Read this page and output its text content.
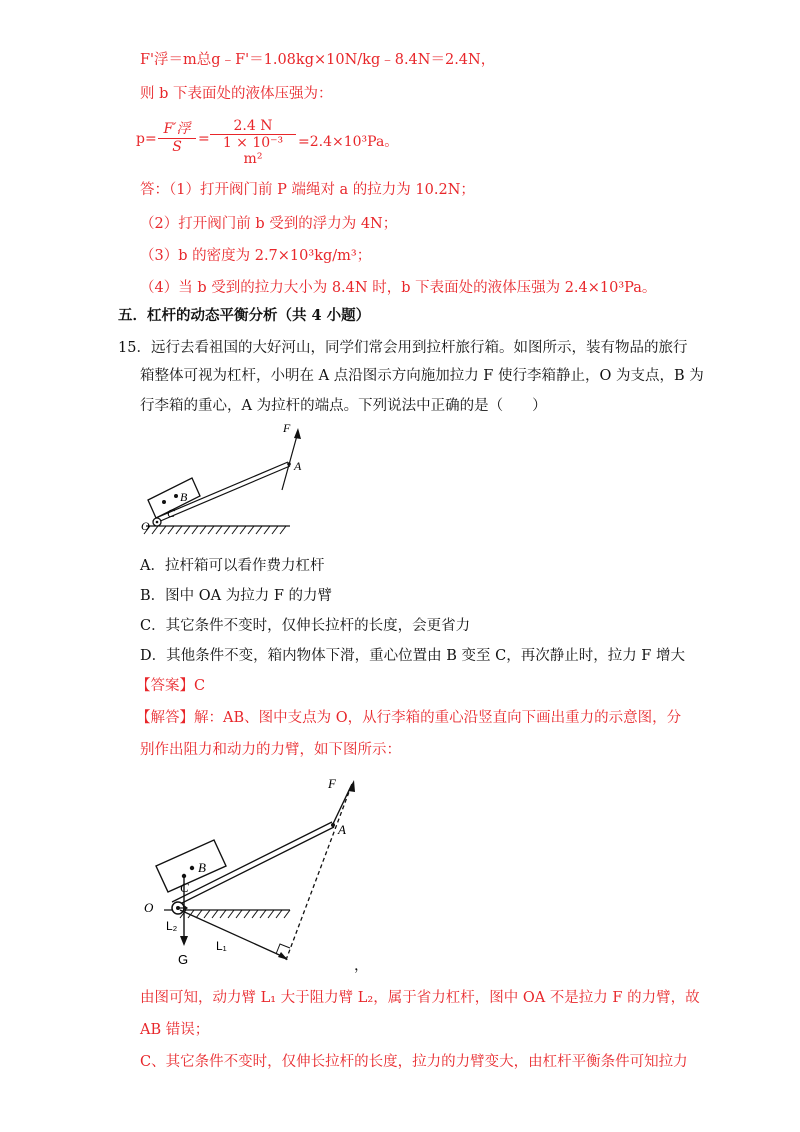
F'浮＝m总g﹣F'＝1.08kg×10N/kg﹣8.4N＝2.4N，
则 b 下表面处的液体压强为：
p=
F′浮
S	=
2.4 N
1 × 10⁻³ m²
=2.4×10³Pa。
答：（1）打开阀门前 P 端绳对 a 的拉力为 10.2N；
（2）打开阀门前 b 受到的浮力为 4N；
（3）b 的密度为 2.7×10³kg/m³；
（4）当 b 受到的拉力大小为 8.4N 时，b 下表面处的液体压强为 2.4×10³Pa。
五．杠杆的动态平衡分析（共 4 小题）
15．远行去看祖国的大好河山，同学们常会用到拉杆旅行箱。如图所示，装有物品的旅行
箱整体可视为杠杆，小明在 A 点沿图示方向施加拉力 F 使行李箱静止，O 为支点，B 为
行李箱的重心，A 为拉杆的端点。下列说法中正确的是（　　）
F
A
B
C
O
A．拉杆箱可以看作费力杠杆
B．图中 OA 为拉力 F 的力臂
C．其它条件不变时，仅伸长拉杆的长度，会更省力
D．其他条件不变，箱内物体下滑，重心位置由 B 变至 C，再次静止时，拉力 F 增大
【答案】C
【解答】解：AB、图中支点为 O，从行李箱的重心沿竖直向下画出重力的示意图，分
别作出阻力和动力的力臂，如下图所示：
F
A
B
C
O
L₂
L₁
G	，
由图可知，动力臂 L₁ 大于阻力臂 L₂，属于省力杠杆，图中 OA 不是拉力 F 的力臂，故
AB 错误；
C、其它条件不变时，仅伸长拉杆的长度，拉力的力臂变大，由杠杆平衡条件可知拉力
